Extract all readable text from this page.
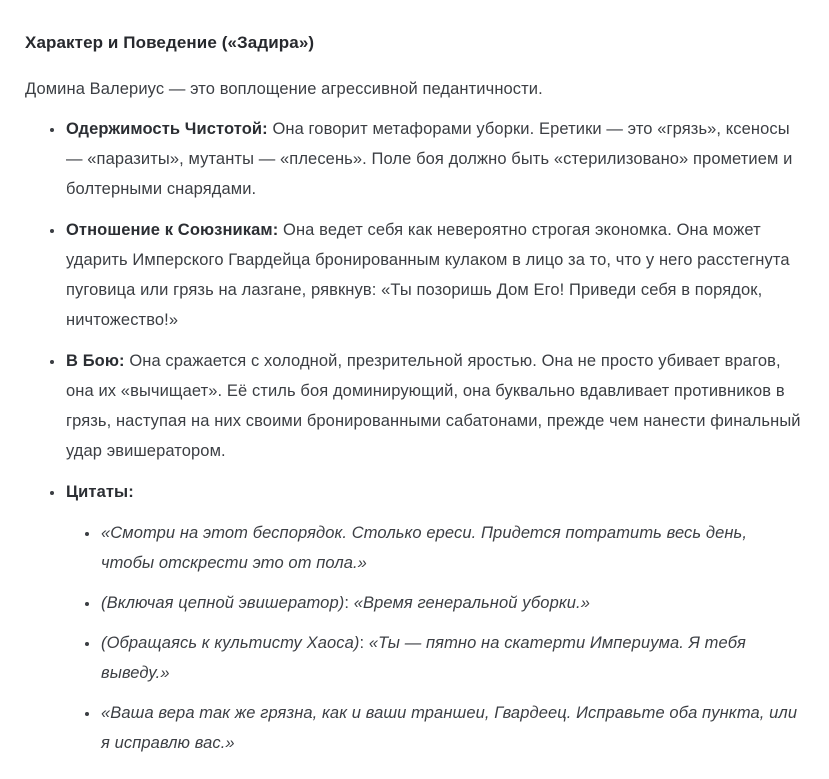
Характер и Поведение («Задира»)

Домина Валериус — это воплощение агрессивной педантичности.

• Одержимость Чистотой: Она говорит метафорами уборки. Еретики — это «грязь», ксеносы — «паразиты», мутанты — «плесень». Поле боя должно быть «стерилизовано» прометием и болтерными снарядами.
• Отношение к Союзникам: Она ведет себя как невероятно строгая экономка. Она может ударить Имперского Гвардейца бронированным кулаком в лицо за то, что у него расстегнута пуговица или грязь на лазгане, рявкнув: «Ты позоришь Дом Его! Приведи себя в порядок, ничтожество!»
• В Бою: Она сражается с холодной, презрительной яростью. Она не просто убивает врагов, она их «вычищает». Её стиль боя доминирующий, она буквально вдавливает противников в грязь, наступая на них своими бронированными сабатонами, прежде чем нанести финальный удар эвишератором.
• Цитаты:
• «Смотри на этот беспорядок. Столько ереси. Придется потратить весь день, чтобы отскрести это от пола.»
• (Включая цепной эвишератор): «Время генеральной уборки.»
• (Обращаясь к культисту Хаоса): «Ты — пятно на скатерти Империума. Я тебя выведу.»
• «Ваша вера так же грязна, как и ваши траншеи, Гвардеец. Исправьте оба пункта, или я исправлю вас.»
